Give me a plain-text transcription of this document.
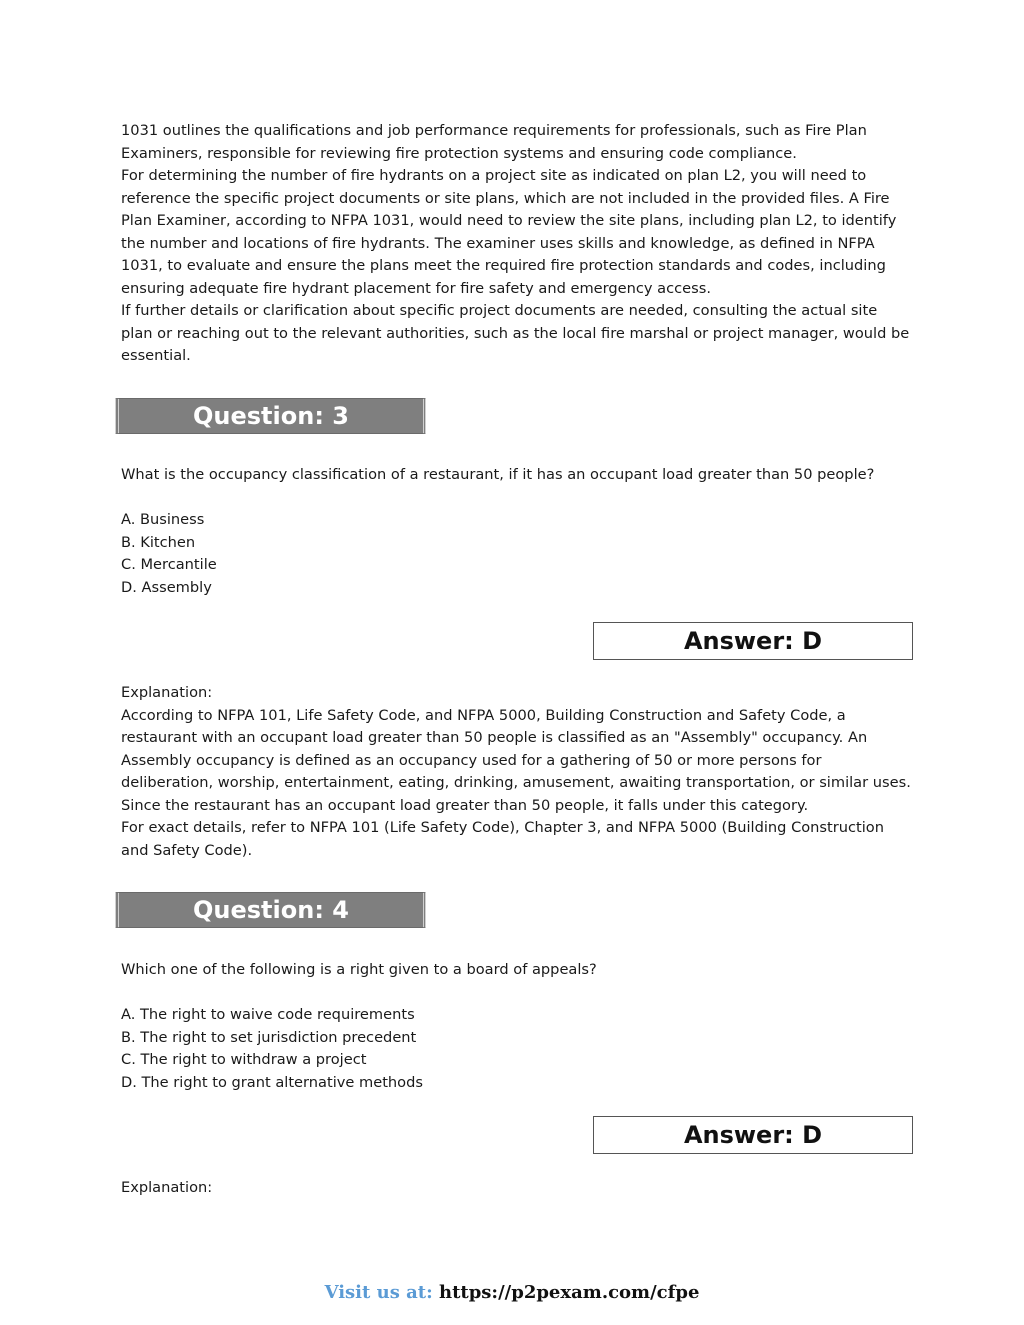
1031 outlines the qualifications and job performance requirements for professionals, such as Fire Plan Examiners, responsible for reviewing fire protection systems and ensuring code compliance.

For determining the number of fire hydrants on a project site as indicated on plan L2, you will need to reference the specific project documents or site plans, which are not included in the provided files. A Fire Plan Examiner, according to NFPA 1031, would need to review the site plans, including plan L2, to identify the number and locations of fire hydrants. The examiner uses skills and knowledge, as defined in NFPA 1031, to evaluate and ensure the plans meet the required fire protection standards and codes, including ensuring adequate fire hydrant placement for fire safety and emergency access.

If further details or clarification about specific project documents are needed, consulting the actual site plan or reaching out to the relevant authorities, such as the local fire marshal or project manager, would be essential.

Question: 3
What is the occupancy classification of a restaurant, if it has an occupant load greater than 50 people?
A. Business
B. Kitchen
C. Mercantile
D. Assembly
Answer: D

Explanation:

According to NFPA 101, Life Safety Code, and NFPA 5000, Building Construction and Safety Code, a restaurant with an occupant load greater than 50 people is classified as an "Assembly" occupancy. An Assembly occupancy is defined as an occupancy used for a gathering of 50 or more persons for deliberation, worship, entertainment, eating, drinking, amusement, awaiting transportation, or similar uses. Since the restaurant has an occupant load greater than 50 people, it falls under this category.

For exact details, refer to NFPA 101 (Life Safety Code), Chapter 3, and NFPA 5000 (Building Construction and Safety Code).

Question: 4
Which one of the following is a right given to a board of appeals?
A. The right to waive code requirements
B. The right to set jurisdiction precedent
C. The right to withdraw a project
D. The right to grant alternative methods
Answer: D
Explanation:
Visit us at: https://p2pexam.com/cfpe
